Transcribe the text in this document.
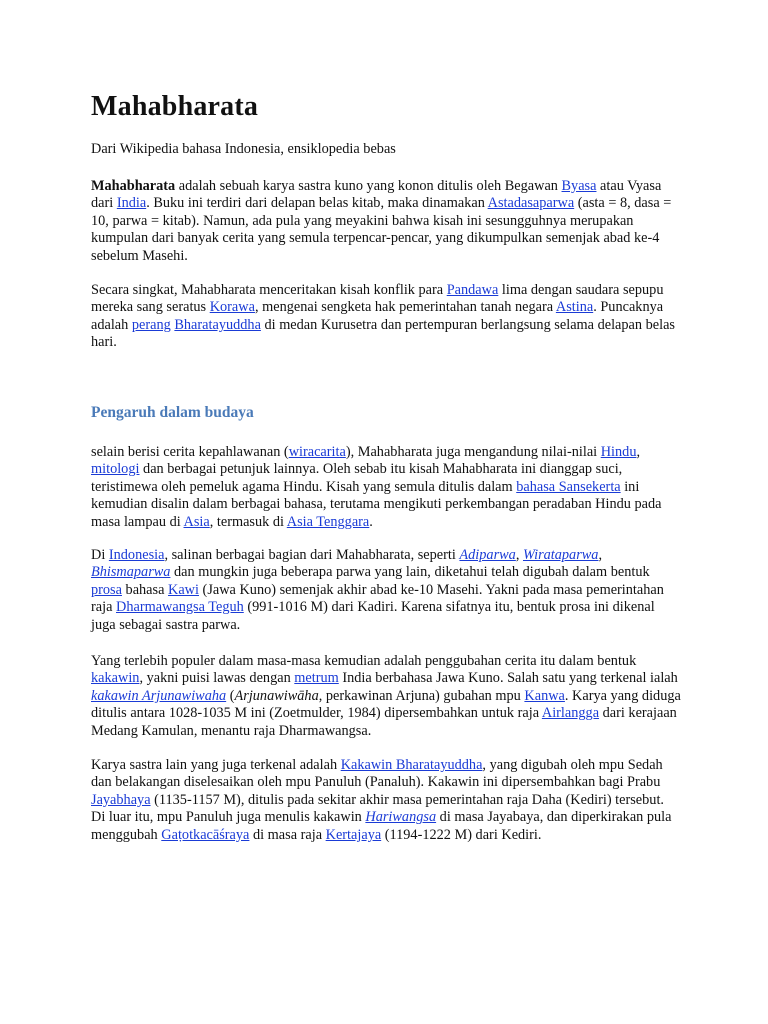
Mahabharata

Dari Wikipedia bahasa Indonesia, ensiklopedia bebas

Mahabharata adalah sebuah karya sastra kuno yang konon ditulis oleh Begawan Byasa atau Vyasa dari India. Buku ini terdiri dari delapan belas kitab, maka dinamakan Astadasaparwa (asta = 8, dasa = 10, parwa = kitab). Namun, ada pula yang meyakini bahwa kisah ini sesungguhnya merupakan kumpulan dari banyak cerita yang semula terpencar-pencar, yang dikumpulkan semenjak abad ke-4 sebelum Masehi.

Secara singkat, Mahabharata menceritakan kisah konflik para Pandawa lima dengan saudara sepupu mereka sang seratus Korawa, mengenai sengketa hak pemerintahan tanah negara Astina. Puncaknya adalah perang Bharatayuddha di medan Kurusetra dan pertempuran berlangsung selama delapan belas hari.

Pengaruh dalam budaya

selain berisi cerita kepahlawanan (wiracarita), Mahabharata juga mengandung nilai-nilai Hindu, mitologi dan berbagai petunjuk lainnya. Oleh sebab itu kisah Mahabharata ini dianggap suci, teristimewa oleh pemeluk agama Hindu. Kisah yang semula ditulis dalam bahasa Sansekerta ini kemudian disalin dalam berbagai bahasa, terutama mengikuti perkembangan peradaban Hindu pada masa lampau di Asia, termasuk di Asia Tenggara.

Di Indonesia, salinan berbagai bagian dari Mahabharata, seperti Adiparwa, Wirataparwa, Bhismaparwa dan mungkin juga beberapa parwa yang lain, diketahui telah digubah dalam bentuk prosa bahasa Kawi (Jawa Kuno) semenjak akhir abad ke-10 Masehi. Yakni pada masa pemerintahan raja Dharmawangsa Teguh (991-1016 M) dari Kadiri. Karena sifatnya itu, bentuk prosa ini dikenal juga sebagai sastra parwa.

Yang terlebih populer dalam masa-masa kemudian adalah penggubahan cerita itu dalam bentuk kakawin, yakni puisi lawas dengan metrum India berbahasa Jawa Kuno. Salah satu yang terkenal ialah kakawin Arjunawiwaha (Arjunawiwāha, perkawinan Arjuna) gubahan mpu Kanwa. Karya yang diduga ditulis antara 1028-1035 M ini (Zoetmulder, 1984) dipersembahkan untuk raja Airlangga dari kerajaan Medang Kamulan, menantu raja Dharmawangsa.

Karya sastra lain yang juga terkenal adalah Kakawin Bharatayuddha, yang digubah oleh mpu Sedah dan belakangan diselesaikan oleh mpu Panuluh (Panaluh). Kakawin ini dipersembahkan bagi Prabu Jayabhaya (1135-1157 M), ditulis pada sekitar akhir masa pemerintahan raja Daha (Kediri) tersebut. Di luar itu, mpu Panuluh juga menulis kakawin Hariwangsa di masa Jayabaya, dan diperkirakan pula menggubah Gaṭotkacāśraya di masa raja Kertajaya (1194-1222 M) dari Kediri.
